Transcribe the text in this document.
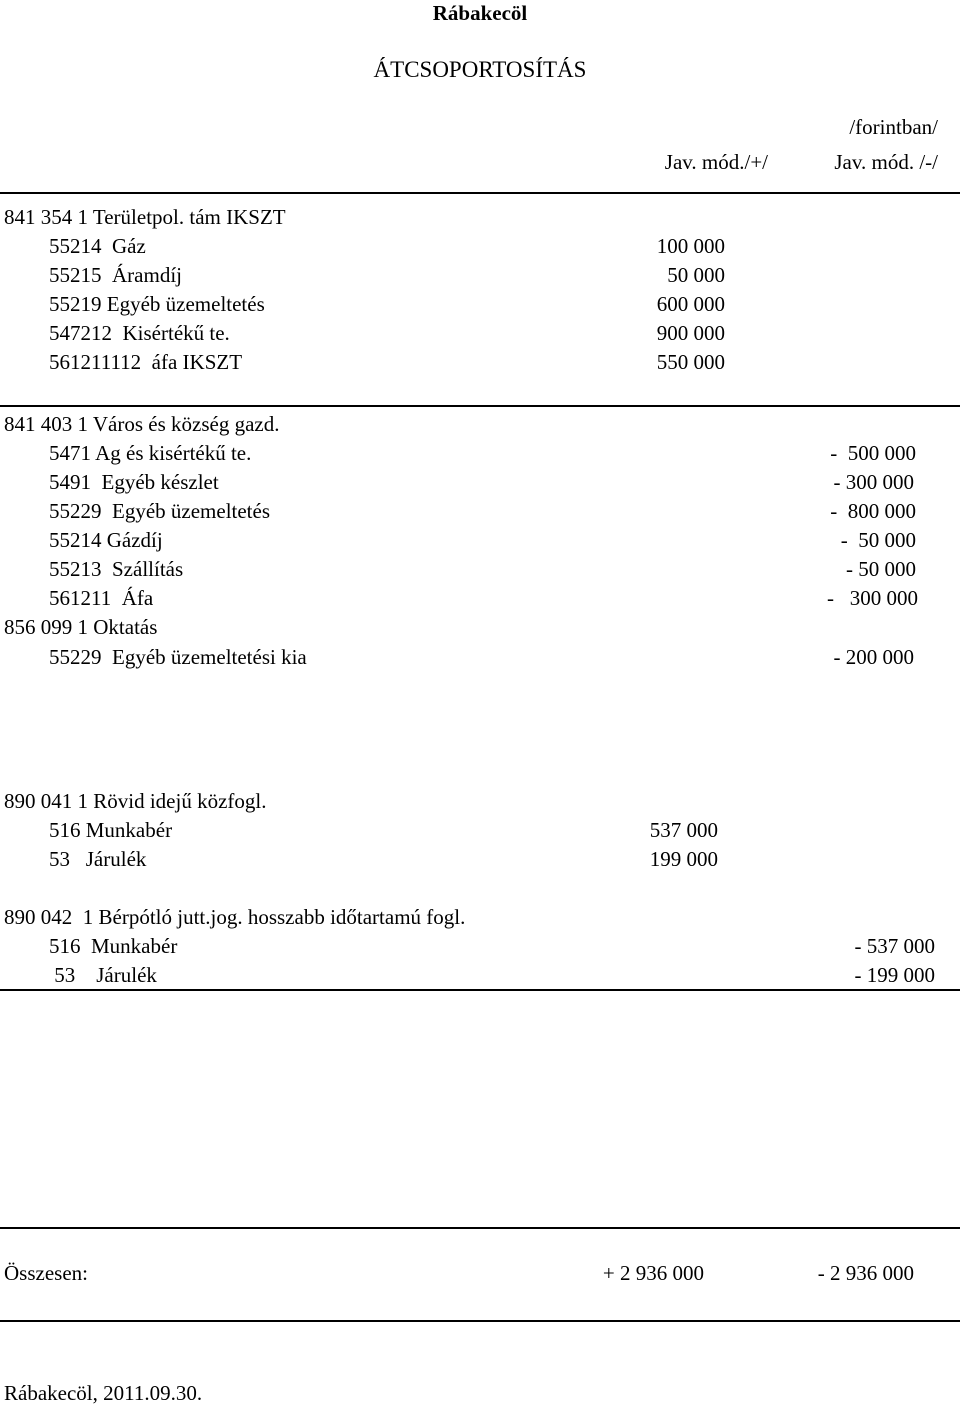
Rábakecöl
ÁTCSOPORTOSÍTÁS
/forintban/
Jav. mód./+/	Jav. mód. /-/
841 354 1 Területpol. tám IKSZT
55214  Gáz	100 000
55215  Áramdíj	50 000
55219 Egyéb üzemeltetés	600 000
547212  Kisértékű te.	900 000
561211112  áfa IKSZT	550 000
841 403 1 Város és község gazd.
5471 Ag és kisértékű te.	-  500 000
5491  Egyéb készlet	- 300 000
55229  Egyéb üzemeltetés	-  800 000
55214 Gázdíj	-  50 000
55213  Szállítás	- 50 000
561211  Áfa	-   300 000
856 099 1 Oktatás
55229  Egyéb üzemeltetési kia	- 200 000
890 041 1 Rövid idejű közfogl.
516 Munkabér	537 000
53   Járulék	199 000
890 042  1 Bérpótló jutt.jog. hosszabb időtartamú fogl.
516  Munkabér	- 537 000
53    Járulék	- 199 000
Összesen:	+ 2 936 000	- 2 936 000
Rábakecöl, 2011.09.30.
